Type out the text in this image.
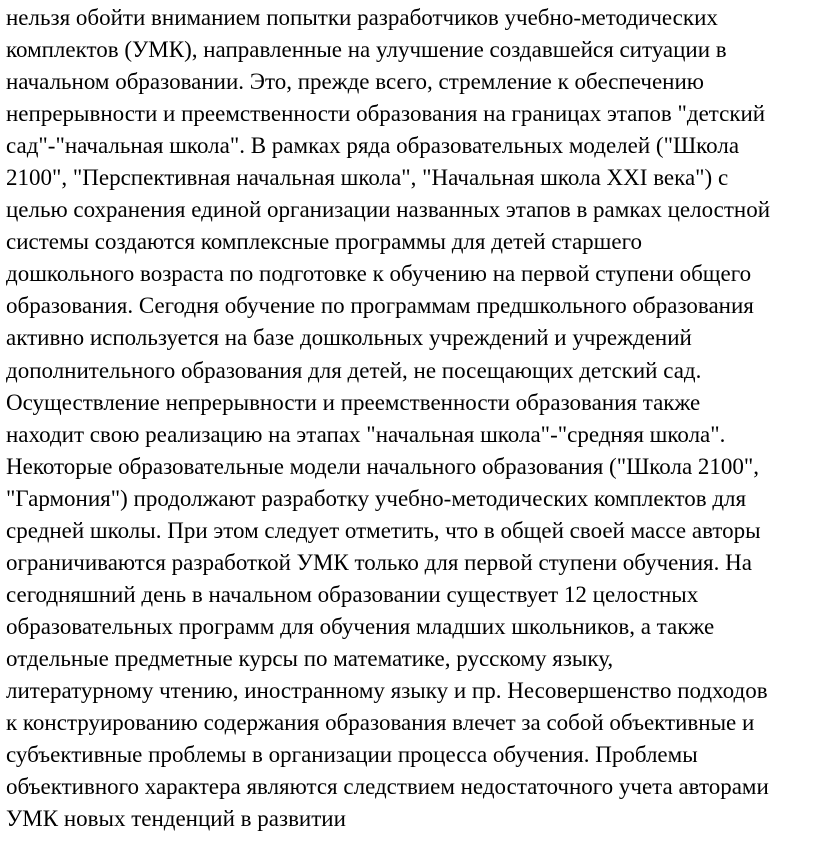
нельзя обойти вниманием попытки разработчиков учебно-методических
комплектов (УМК), направленные на улучшение создавшейся ситуации в
начальном образовании. Это, прежде всего, стремление к обеспечению
непрерывности и преемственности образования на границах этапов "детский
сад"-"начальная школа". В рамках ряда образовательных моделей ("Школа
2100", "Перспективная начальная школа", "Начальная школа XXI века") с
целью сохранения единой организации названных этапов в рамках целостной
системы создаются комплексные программы для детей старшего
дошкольного возраста по подготовке к обучению на первой ступени общего
образования. Сегодня обучение по программам предшкольного образования
активно используется на базе дошкольных учреждений и учреждений
дополнительного образования для детей, не посещающих детский сад.
Осуществление непрерывности и преемственности образования также
находит свою реализацию на этапах "начальная школа"-"средняя школа".
Некоторые образовательные модели начального образования ("Школа 2100",
"Гармония") продолжают разработку учебно-методических комплектов для
средней школы. При этом следует отметить, что в общей своей массе авторы
ограничиваются разработкой УМК только для первой ступени обучения. На
сегодняшний день в начальном образовании существует 12 целостных
образовательных программ для обучения младших школьников, а также
отдельные предметные курсы по математике, русскому языку,
литературному чтению, иностранному языку и пр. Несовершенство подходов
к конструированию содержания образования влечет за собой объективные и
субъективные проблемы в организации процесса обучения. Проблемы
объективного характера являются следствием недостаточного учета авторами
УМК новых тенденций в развитии
